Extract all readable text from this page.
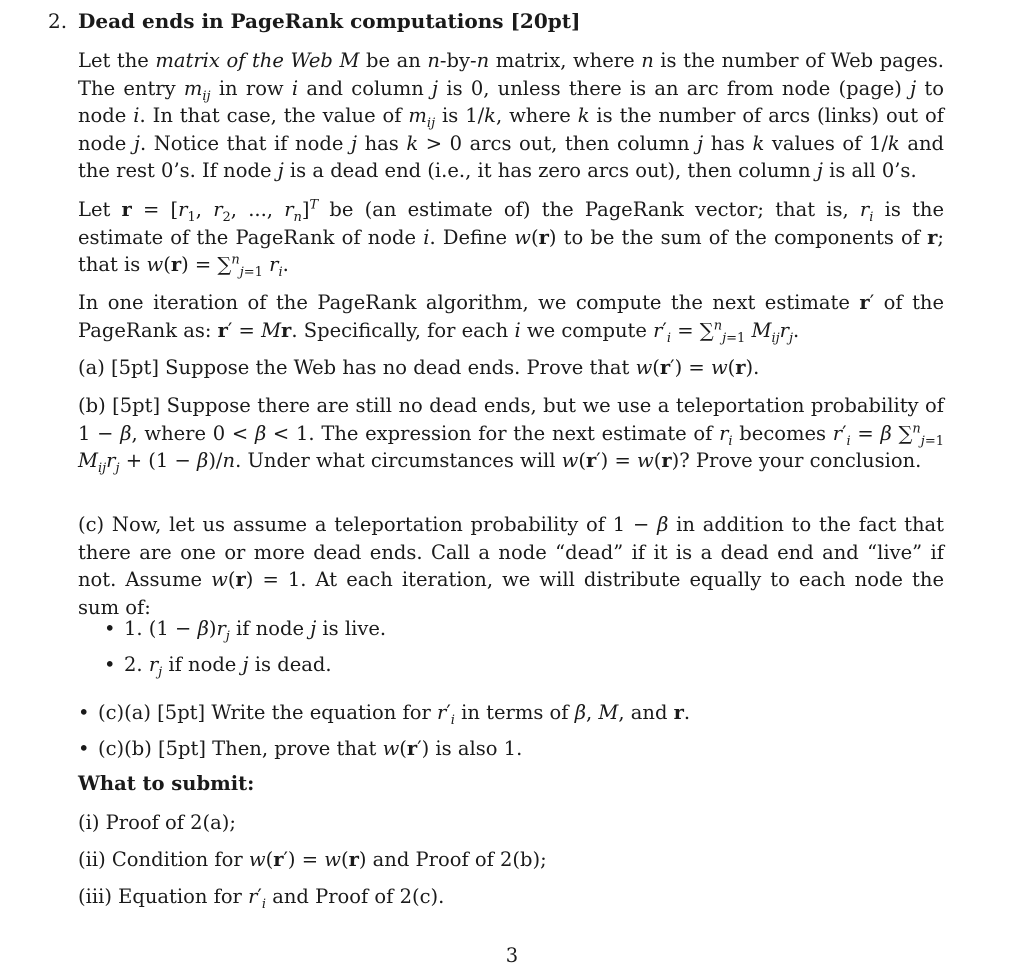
2. Dead ends in PageRank computations [20pt]

Let the matrix of the Web M be an n-by-n matrix, where n is the number of Web pages. The entry $m_{ij}$ in row i and column j is 0, unless there is an arc from node (page) j to node i. In that case, the value of $m_{ij}$ is 1/k, where k is the number of arcs (links) out of node j. Notice that if node j has k > 0 arcs out, then column j has k values of 1/k and the rest 0’s. If node j is a dead end (i.e., it has zero arcs out), then column j is all 0’s.

Let $r = [r_1$, $r_2$, ..., $r_n]^T$ be (an estimate of) the PageRank vector; that is, $r_i$ is the estimate of the PageRank of node i. Define w(r) to be the sum of the components of r; that is w(r) = ∑$^n_{j=1}$ $r_i$.

In one iteration of the PageRank algorithm, we compute the next estimate r′ of the PageRank as: r′ = Mr. Specifically, for each i we compute $r'_i = \sum^n_{j=1}$ $M_{ij}r_j$.

(a) [5pt] Suppose the Web has no dead ends. Prove that w(r′) = w(r).

(b) [5pt] Suppose there are still no dead ends, but we use a teleportation probability of 1 − β, where 0 < β < 1. The expression for the next estimate of $r_i$ becomes $r'_i = \beta$ ∑$^n_{j=1}$ $M_{ij}r_j + (1 - \beta)/n$. Under what circumstances will w(r′) = w(r)? Prove your conclusion.

(c) Now, let us assume a teleportation probability of 1 − β in addition to the fact that there are one or more dead ends. Call a node “dead” if it is a dead end and “live” if not. Assume w(r) = 1. At each iteration, we will distribute equally to each node the sum of:

• 1. $(1 - \beta)r_j$ if node j is live.

• 2. $r_j$ if node j is dead.

• (c)(a) [5pt] Write the equation for $r'_i$ in terms of β, M, and r.

• (c)(b) [5pt] Then, prove that w(r′) is also 1.

What to submit:

(i) Proof of 2(a);

(ii) Condition for w(r′) = w(r) and Proof of 2(b);

(iii) Equation for $r'_i$ and Proof of 2(c).

3
